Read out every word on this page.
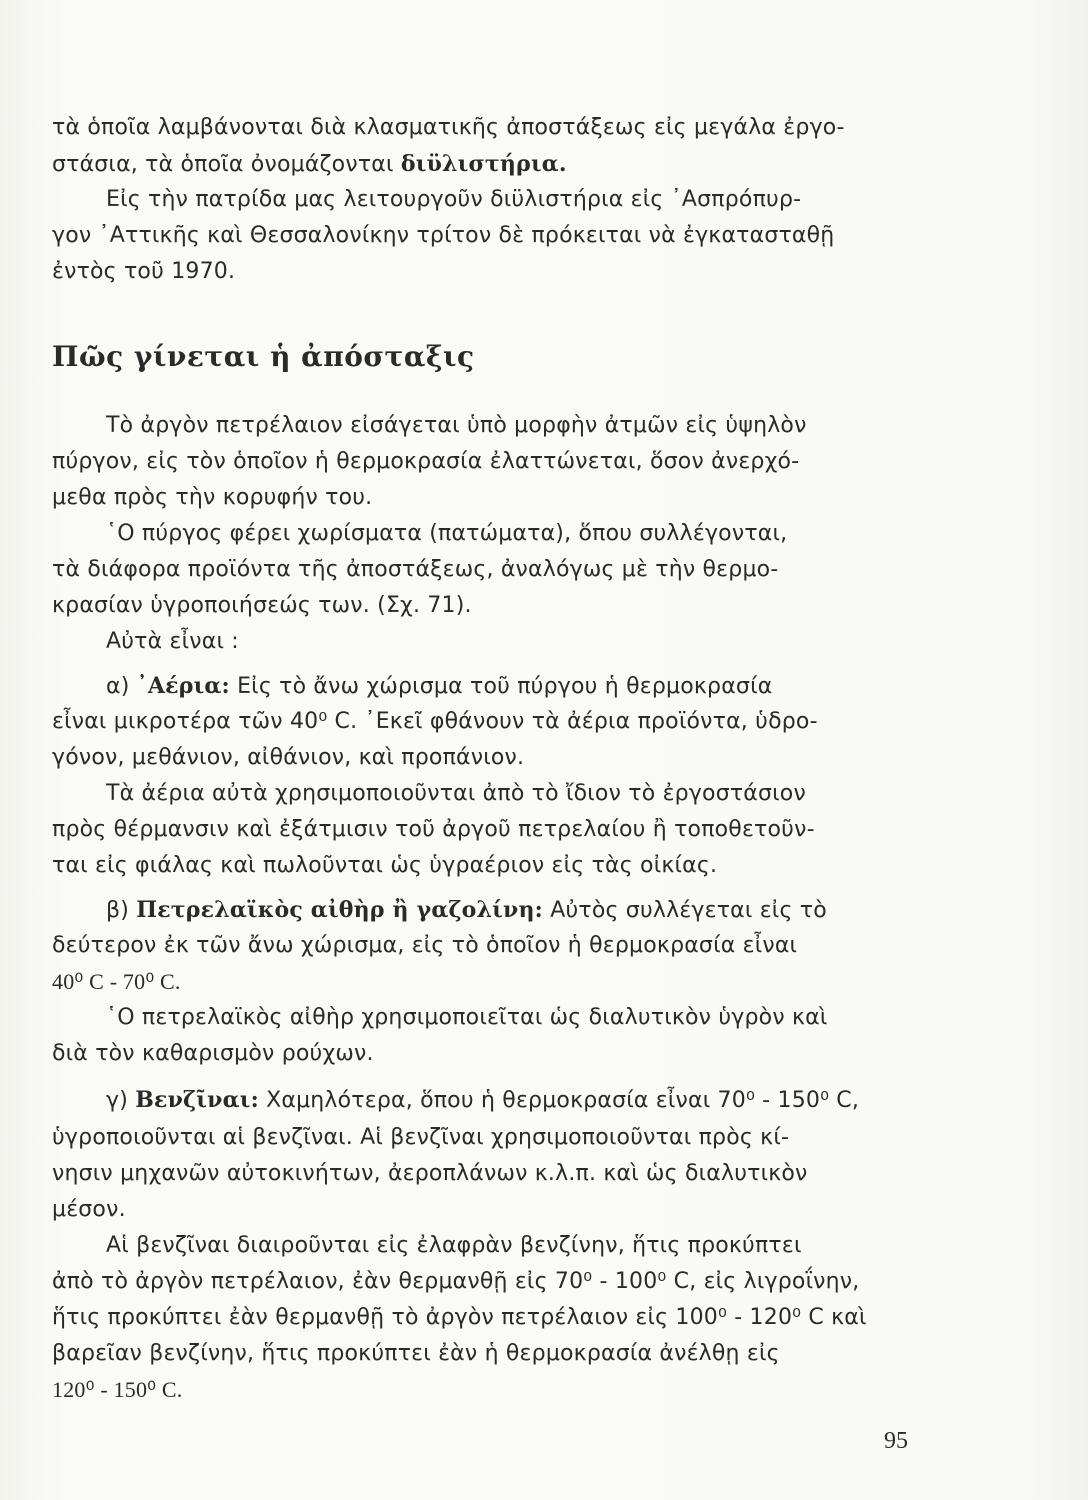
τὰ ὁποῖα λαμβάνονται διὰ κλασματικῆς ἀποστάξεως εἰς μεγάλα ἐργο-
στάσια, τὰ ὁποῖα ὀνομάζονται διϋλιστήρια.
Εἰς τὴν πατρίδα μας λειτουργοῦν διϋλιστήρια εἰς ᾿Ασπρόπυρ-
γον ᾿Αττικῆς καὶ Θεσσαλονίκην τρίτον δὲ πρόκειται νὰ ἐγκατασταθῇ
ἐντὸς τοῦ 1970.
Πῶς γίνεται ἡ ἀπόσταξις
Τὸ ἀργὸν πετρέλαιον εἰσάγεται ὑπὸ μορφὴν ἀτμῶν εἰς ὑψηλὸν
πύργον, εἰς τὸν ὁποῖον ἡ θερμοκρασία ἐλαττώνεται, ὅσον ἀνερχό-
μεθα πρὸς τὴν κορυφήν του.
῾Ο πύργος φέρει χωρίσματα (πατώματα), ὅπου συλλέγονται,
τὰ διάφορα προϊόντα τῆς ἀποστάξεως, ἀναλόγως μὲ τὴν θερμο-
κρασίαν ὑγροποιήσεώς των. (Σχ. 71).
Αὐτὰ εἶναι :
α) ᾿Αέρια: Εἰς τὸ ἄνω χώρισμα τοῦ πύργου ἡ θερμοκρασία
εἶναι μικροτέρα τῶν 40⁰ C. ᾿Εκεῖ φθάνουν τὰ ἀέρια προϊόντα, ὑδρο-
γόνον, μεθάνιον, αἰθάνιον, καὶ προπάνιον.
Τὰ ἀέρια αὐτὰ χρησιμοποιοῦνται ἀπὸ τὸ ἴδιον τὸ ἐργοστάσιον
πρὸς θέρμανσιν καὶ ἐξάτμισιν τοῦ ἀργοῦ πετρελαίου ἢ τοποθετοῦν-
ται εἰς φιάλας καὶ πωλοῦνται ὡς ὑγραέριον εἰς τὰς οἰκίας.
β) Πετρελαϊκὸς αἰθὴρ ἢ γαζολίνη: Αὐτὸς συλλέγεται εἰς τὸ
δεύτερον ἐκ τῶν ἄνω χώρισμα, εἰς τὸ ὁποῖον ἡ θερμοκρασία εἶναι
40⁰ C - 70⁰ C.
῾Ο πετρελαϊκὸς αἰθὴρ χρησιμοποιεῖται ὡς διαλυτικὸν ὑγρὸν καὶ
διὰ τὸν καθαρισμὸν ρούχων.
γ) Βενζῖναι: Χαμηλότερα, ὅπου ἡ θερμοκρασία εἶναι 70⁰ - 150⁰ C,
ὑγροποιοῦνται αἱ βενζῖναι. Αἱ βενζῖναι χρησιμοποιοῦνται πρὸς κί-
νησιν μηχανῶν αὐτοκινήτων, ἀεροπλάνων κ.λ.π. καὶ ὡς διαλυτικὸν
μέσον.
Αἱ βενζῖναι διαιροῦνται εἰς ἐλαφρὰν βενζίνην, ἥτις προκύπτει
ἀπὸ τὸ ἀργὸν πετρέλαιον, ἐὰν θερμανθῇ εἰς 70⁰ - 100⁰ C, εἰς λιγροΐνην,
ἥτις προκύπτει ἐὰν θερμανθῇ τὸ ἀργὸν πετρέλαιον εἰς 100⁰ - 120⁰ C καὶ
βαρεῖαν βενζίνην, ἥτις προκύπτει ἐὰν ἡ θερμοκρασία ἀνέλθῃ εἰς
120⁰ - 150⁰ C.
95
